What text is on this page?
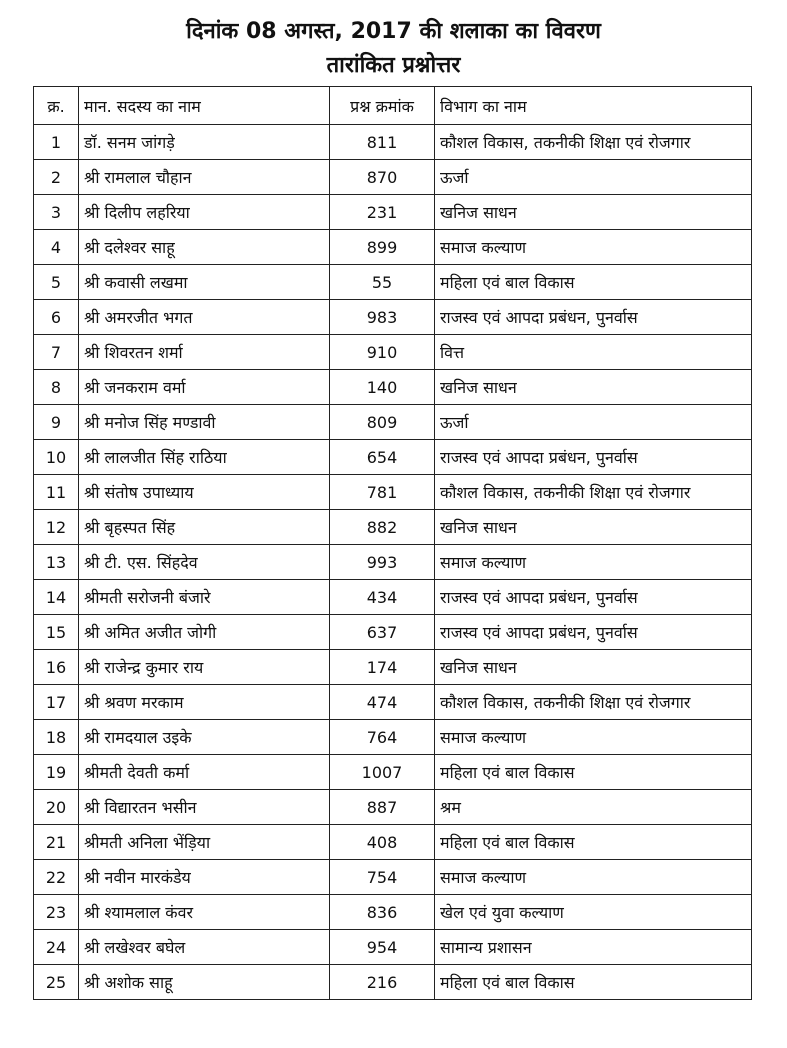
दिनांक 08 अगस्त, 2017 की शलाका का विवरण
तारांकित प्रश्नोत्तर
क्र.	मान. सदस्य का नाम	प्रश्न क्रमांक	विभाग का नाम
1	डॉ. सनम जांगड़े	811	कौशल विकास, तकनीकी शिक्षा एवं रोजगार
2	श्री रामलाल चौहान	870	ऊर्जा
3	श्री दिलीप लहरिया	231	खनिज साधन
4	श्री दलेश्वर साहू	899	समाज कल्याण
5	श्री कवासी लखमा	55	महिला एवं बाल विकास
6	श्री अमरजीत भगत	983	राजस्व एवं आपदा प्रबंधन, पुनर्वास
7	श्री शिवरतन शर्मा	910	वित्त
8	श्री जनकराम वर्मा	140	खनिज साधन
9	श्री मनोज सिंह मण्डावी	809	ऊर्जा
10	श्री लालजीत सिंह राठिया	654	राजस्व एवं आपदा प्रबंधन, पुनर्वास
11	श्री संतोष उपाध्याय	781	कौशल विकास, तकनीकी शिक्षा एवं रोजगार
12	श्री बृहस्पत सिंह	882	खनिज साधन
13	श्री टी. एस. सिंहदेव	993	समाज कल्याण
14	श्रीमती सरोजनी बंजारे	434	राजस्व एवं आपदा प्रबंधन, पुनर्वास
15	श्री अमित अजीत जोगी	637	राजस्व एवं आपदा प्रबंधन, पुनर्वास
16	श्री राजेन्द्र कुमार राय	174	खनिज साधन
17	श्री श्रवण मरकाम	474	कौशल विकास, तकनीकी शिक्षा एवं रोजगार
18	श्री रामदयाल उइके	764	समाज कल्याण
19	श्रीमती देवती कर्मा	1007	महिला एवं बाल विकास
20	श्री विद्यारतन भसीन	887	श्रम
21	श्रीमती अनिला भेंड़िया	408	महिला एवं बाल विकास
22	श्री नवीन मारकंडेय	754	समाज कल्याण
23	श्री श्यामलाल कंवर	836	खेल एवं युवा कल्याण
24	श्री लखेश्वर बघेल	954	सामान्य प्रशासन
25	श्री अशोक साहू	216	महिला एवं बाल विकास
